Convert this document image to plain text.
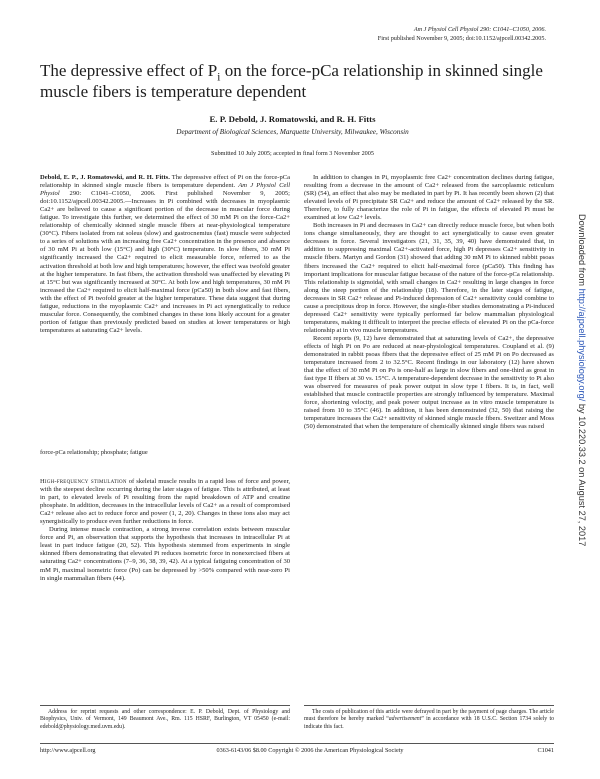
Am J Physiol Cell Physiol 290: C1041–C1050, 2006.
First published November 9, 2005; doi:10.1152/ajpcell.00342.2005.
The depressive effect of $P_i$ on the force-pCa relationship in skinned single muscle fibers is temperature dependent
E. P. Debold, J. Romatowski, and R. H. Fitts
Department of Biological Sciences, Marquette University, Milwaukee, Wisconsin
Submitted 10 July 2005; accepted in final form 3 November 2005

Debold, E. P., J. Romatowski, and R. H. Fitts. The depressive effect of Pi on the force-pCa relationship in skinned single muscle fibers is temperature dependent. Am J Physiol Cell Physiol 290: C1041–C1050, 2006. First published November 9, 2005; doi:10.1152/ajpcell.00342.2005.—Increases in Pi combined with decreases in myoplasmic Ca2+ are believed to cause a significant portion of the decrease in muscular force during fatigue. To investigate this further, we determined the effect of 30 mM Pi on the force-Ca2+ relationship of chemically skinned single muscle fibers at near-physiological temperature (30°C). Fibers isolated from rat soleus (slow) and gastrocnemius (fast) muscle were subjected to a series of solutions with an increasing free Ca2+ concentration in the presence and absence of 30 mM Pi at both low (15°C) and high (30°C) temperature. In slow fibers, 30 mM Pi significantly increased the Ca2+ required to elicit measurable force, referred to as the activation threshold at both low and high temperatures; however, the effect was twofold greater at the higher temperature. In fast fibers, the activation threshold was unaffected by elevating Pi at 15°C but was significantly increased at 30°C. At both low and high temperatures, 30 mM Pi increased the Ca2+ required to elicit half-maximal force (pCa50) in both slow and fast fibers, with the effect of Pi twofold greater at the higher temperature. These data suggest that during fatigue, reductions in the myoplasmic Ca2+ and increases in Pi act synergistically to reduce muscular force. Consequently, the combined changes in these ions likely account for a greater portion of fatigue than previously predicted based on studies at lower temperatures or high temperatures at saturating Ca2+ levels.

force-pCa relationship; phosphate; fatigue

High-frequency stimulation of skeletal muscle results in a rapid loss of force and power, with the steepest decline occurring during the later stages of fatigue. This is attributed, at least in part, to elevated levels of Pi resulting from the rapid breakdown of ATP and creatine phosphate. In addition, decreases in the intracellular levels of Ca2+ as a result of compromised Ca2+ release also act to reduce force and power (1, 2, 20). Changes in these ions also may act synergistically to produce even further reductions in force.

During intense muscle contraction, a strong inverse correlation exists between muscular force and Pi, an observation that supports the hypothesis that increases in intracellular Pi at least in part induce fatigue (20, 52). This hypothesis stemmed from experiments in single skinned fibers demonstrating that elevated Pi reduces isometric force in nonexercised fibers at saturating Ca2+ concentrations (7–9, 36, 38, 39, 42). At a typical fatiguing concentration of 30 mM Pi, maximal isometric force (Po) can be depressed by >50% compared with near-zero Pi in single mammalian fibers (44).

In addition to changes in Pi, myoplasmic free Ca2+ concentration declines during fatigue, resulting from a decrease in the amount of Ca2+ released from the sarcoplasmic reticulum (SR) (54), an effect that also may be mediated in part by Pi. It has recently been shown (2) that elevated levels of Pi precipitate SR Ca2+ and reduce the amount of Ca2+ released by the SR. Therefore, to fully characterize the role of Pi in fatigue, the effects of elevated Pi must be examined at low Ca2+ levels.

Both increases in Pi and decreases in Ca2+ can directly reduce muscle force, but when both ions change simultaneously, they are thought to act synergistically to cause even greater decreases in force. Several investigators (21, 31, 35, 39, 40) have demonstrated that, in addition to suppressing maximal Ca2+-activated force, high Pi depresses Ca2+ sensitivity in muscle fibers. Martyn and Gordon (31) showed that adding 30 mM Pi to skinned rabbit psoas fibers increased the Ca2+ required to elicit half-maximal force (pCa50). This finding has important implications for muscular fatigue because of the nature of the force-pCa relationship. This relationship is sigmoidal, with small changes in Ca2+ resulting in large changes in force along the steep portion of the relationship (18). Therefore, in the later stages of fatigue, decreases in SR Ca2+ release and Pi-induced depression of Ca2+ sensitivity could combine to cause a precipitous drop in force. However, the single-fiber studies demonstrating a Pi-induced depressed Ca2+ sensitivity were typically performed far below mammalian physiological temperatures, making it difficult to interpret the precise effects of elevated Pi on the pCa-force relationship at in vivo muscle temperatures.

Recent reports (9, 12) have demonstrated that at saturating levels of Ca2+, the depressive effects of high Pi on Po are reduced at near-physiological temperatures. Coupland et al. (9) demonstrated in rabbit psoas fibers that the depressive effect of 25 mM Pi on Po decreased as temperature increased from 2 to 32.5°C. Recent findings in our laboratory (12) have shown that the effect of 30 mM Pi on Po is one-half as large in slow fibers and one-third as great in fast type II fibers at 30 vs. 15°C. A temperature-dependent decrease in the sensitivity to Pi also was observed for measures of peak power output in slow type I fibers. It is, in fact, well established that muscle contractile properties are strongly influenced by temperature. Maximal force, shortening velocity, and peak power output increase as in vitro muscle temperature is raised from 10 to 35°C (46). In addition, it has been demonstrated (32, 50) that raising the temperature increases the Ca2+ sensitivity of skinned single muscle fibers. Sweitzer and Moss (50) demonstrated that when the temperature of chemically skinned single fibers was raised

Address for reprint requests and other correspondence: E. P. Debold, Dept. of Physiology and Biophysics, Univ. of Vermont, 149 Beaumont Ave., Rm. 115 HSRF, Burlington, VT 05450 (e-mail: edebold@physiology.med.uvm.edu).

The costs of publication of this article were defrayed in part by the payment of page charges. The article must therefore be hereby marked “advertisement” in accordance with 18 U.S.C. Section 1734 solely to indicate this fact.

http://www.ajpcell.org	0363-6143/06 $8.00 Copyright © 2006 the American Physiological Society	C1041
Downloaded from http://ajpcell.physiology.org/ by 10.220.33.2 on August 27, 2017
